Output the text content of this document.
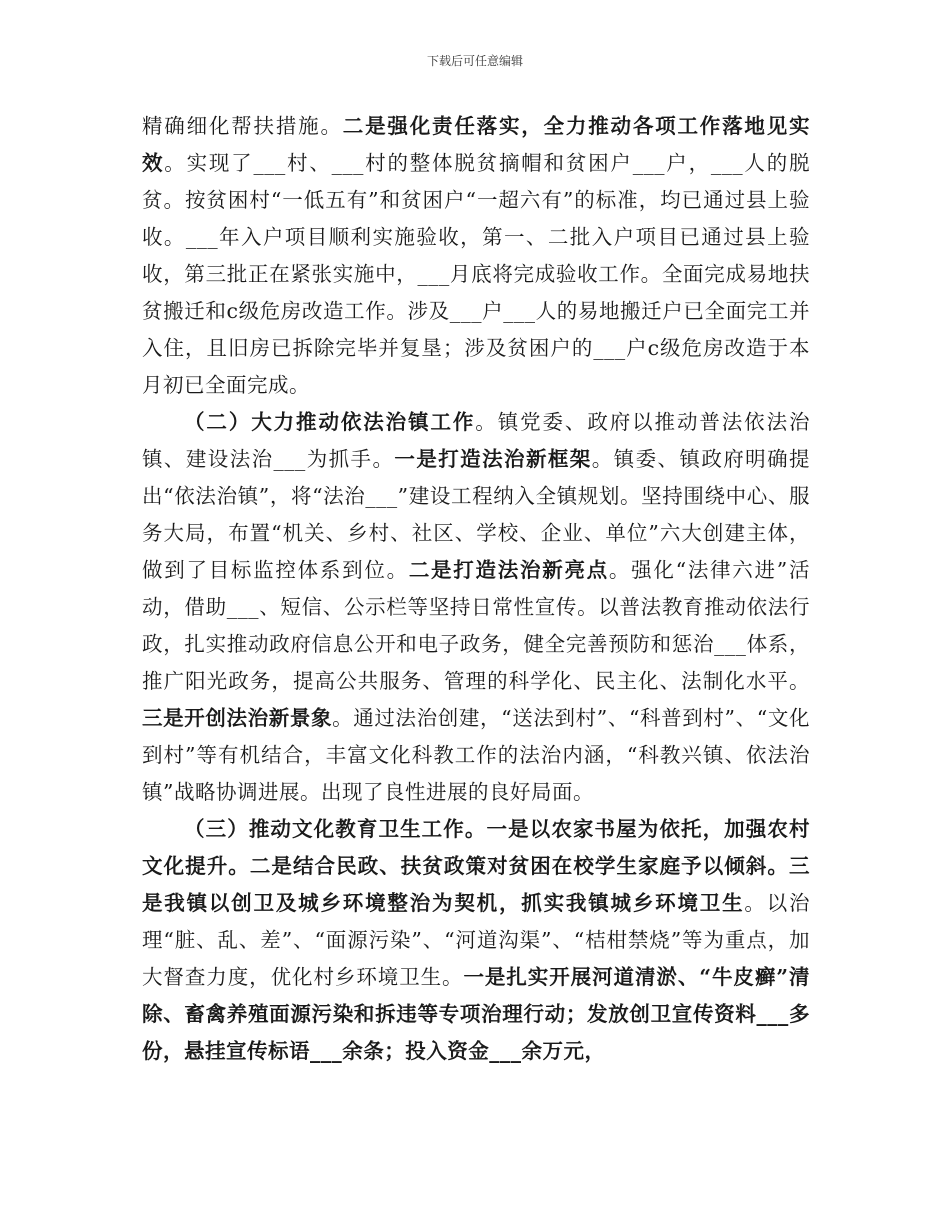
下载后可任意编辑

精确细化帮扶措施。二是强化责任落实，全力推动各项工作落地见实效。实现了___村、___村的整体脱贫摘帽和贫困户___户，___人的脱贫。按贫困村“一低五有”和贫困户“一超六有”的标准，均已通过县上验收。___年入户项目顺利实施验收，第一、二批入户项目已通过县上验收，第三批正在紧张实施中，___月底将完成验收工作。全面完成易地扶贫搬迁和c级危房改造工作。涉及___户___人的易地搬迁户已全面完工并入住，且旧房已拆除完毕并复垦；涉及贫困户的___户c级危房改造于本月初已全面完成。

（二）大力推动依法治镇工作。镇党委、政府以推动普法依法治镇、建设法治___为抓手。一是打造法治新框架。镇委、镇政府明确提出“依法治镇”，将“法治___”建设工程纳入全镇规划。坚持围绕中心、服务大局，布置“机关、乡村、社区、学校、企业、单位”六大创建主体，做到了目标监控体系到位。二是打造法治新亮点。强化“法律六进”活动，借助___、短信、公示栏等坚持日常性宣传。以普法教育推动依法行政，扎实推动政府信息公开和电子政务，健全完善预防和惩治___体系，推广阳光政务，提高公共服务、管理的科学化、民主化、法制化水平。三是开创法治新景象。通过法治创建，“送法到村”、“科普到村”、“文化到村”等有机结合，丰富文化科教工作的法治内涵，“科教兴镇、依法治镇”战略协调进展。出现了良性进展的良好局面。

（三）推动文化教育卫生工作。一是以农家书屋为依托，加强农村文化提升。二是结合民政、扶贫政策对贫困在校学生家庭予以倾斜。三是我镇以创卫及城乡环境整治为契机，抓实我镇城乡环境卫生。以治理“脏、乱、差”、“面源污染”、“河道沟渠”、“桔柑禁烧”等为重点，加大督查力度，优化村乡环境卫生。一是扎实开展河道清淤、“牛皮癣”清除、畜禽养殖面源污染和拆违等专项治理行动；发放创卫宣传资料___多份，悬挂宣传标语___余条；投入资金___余万元，
